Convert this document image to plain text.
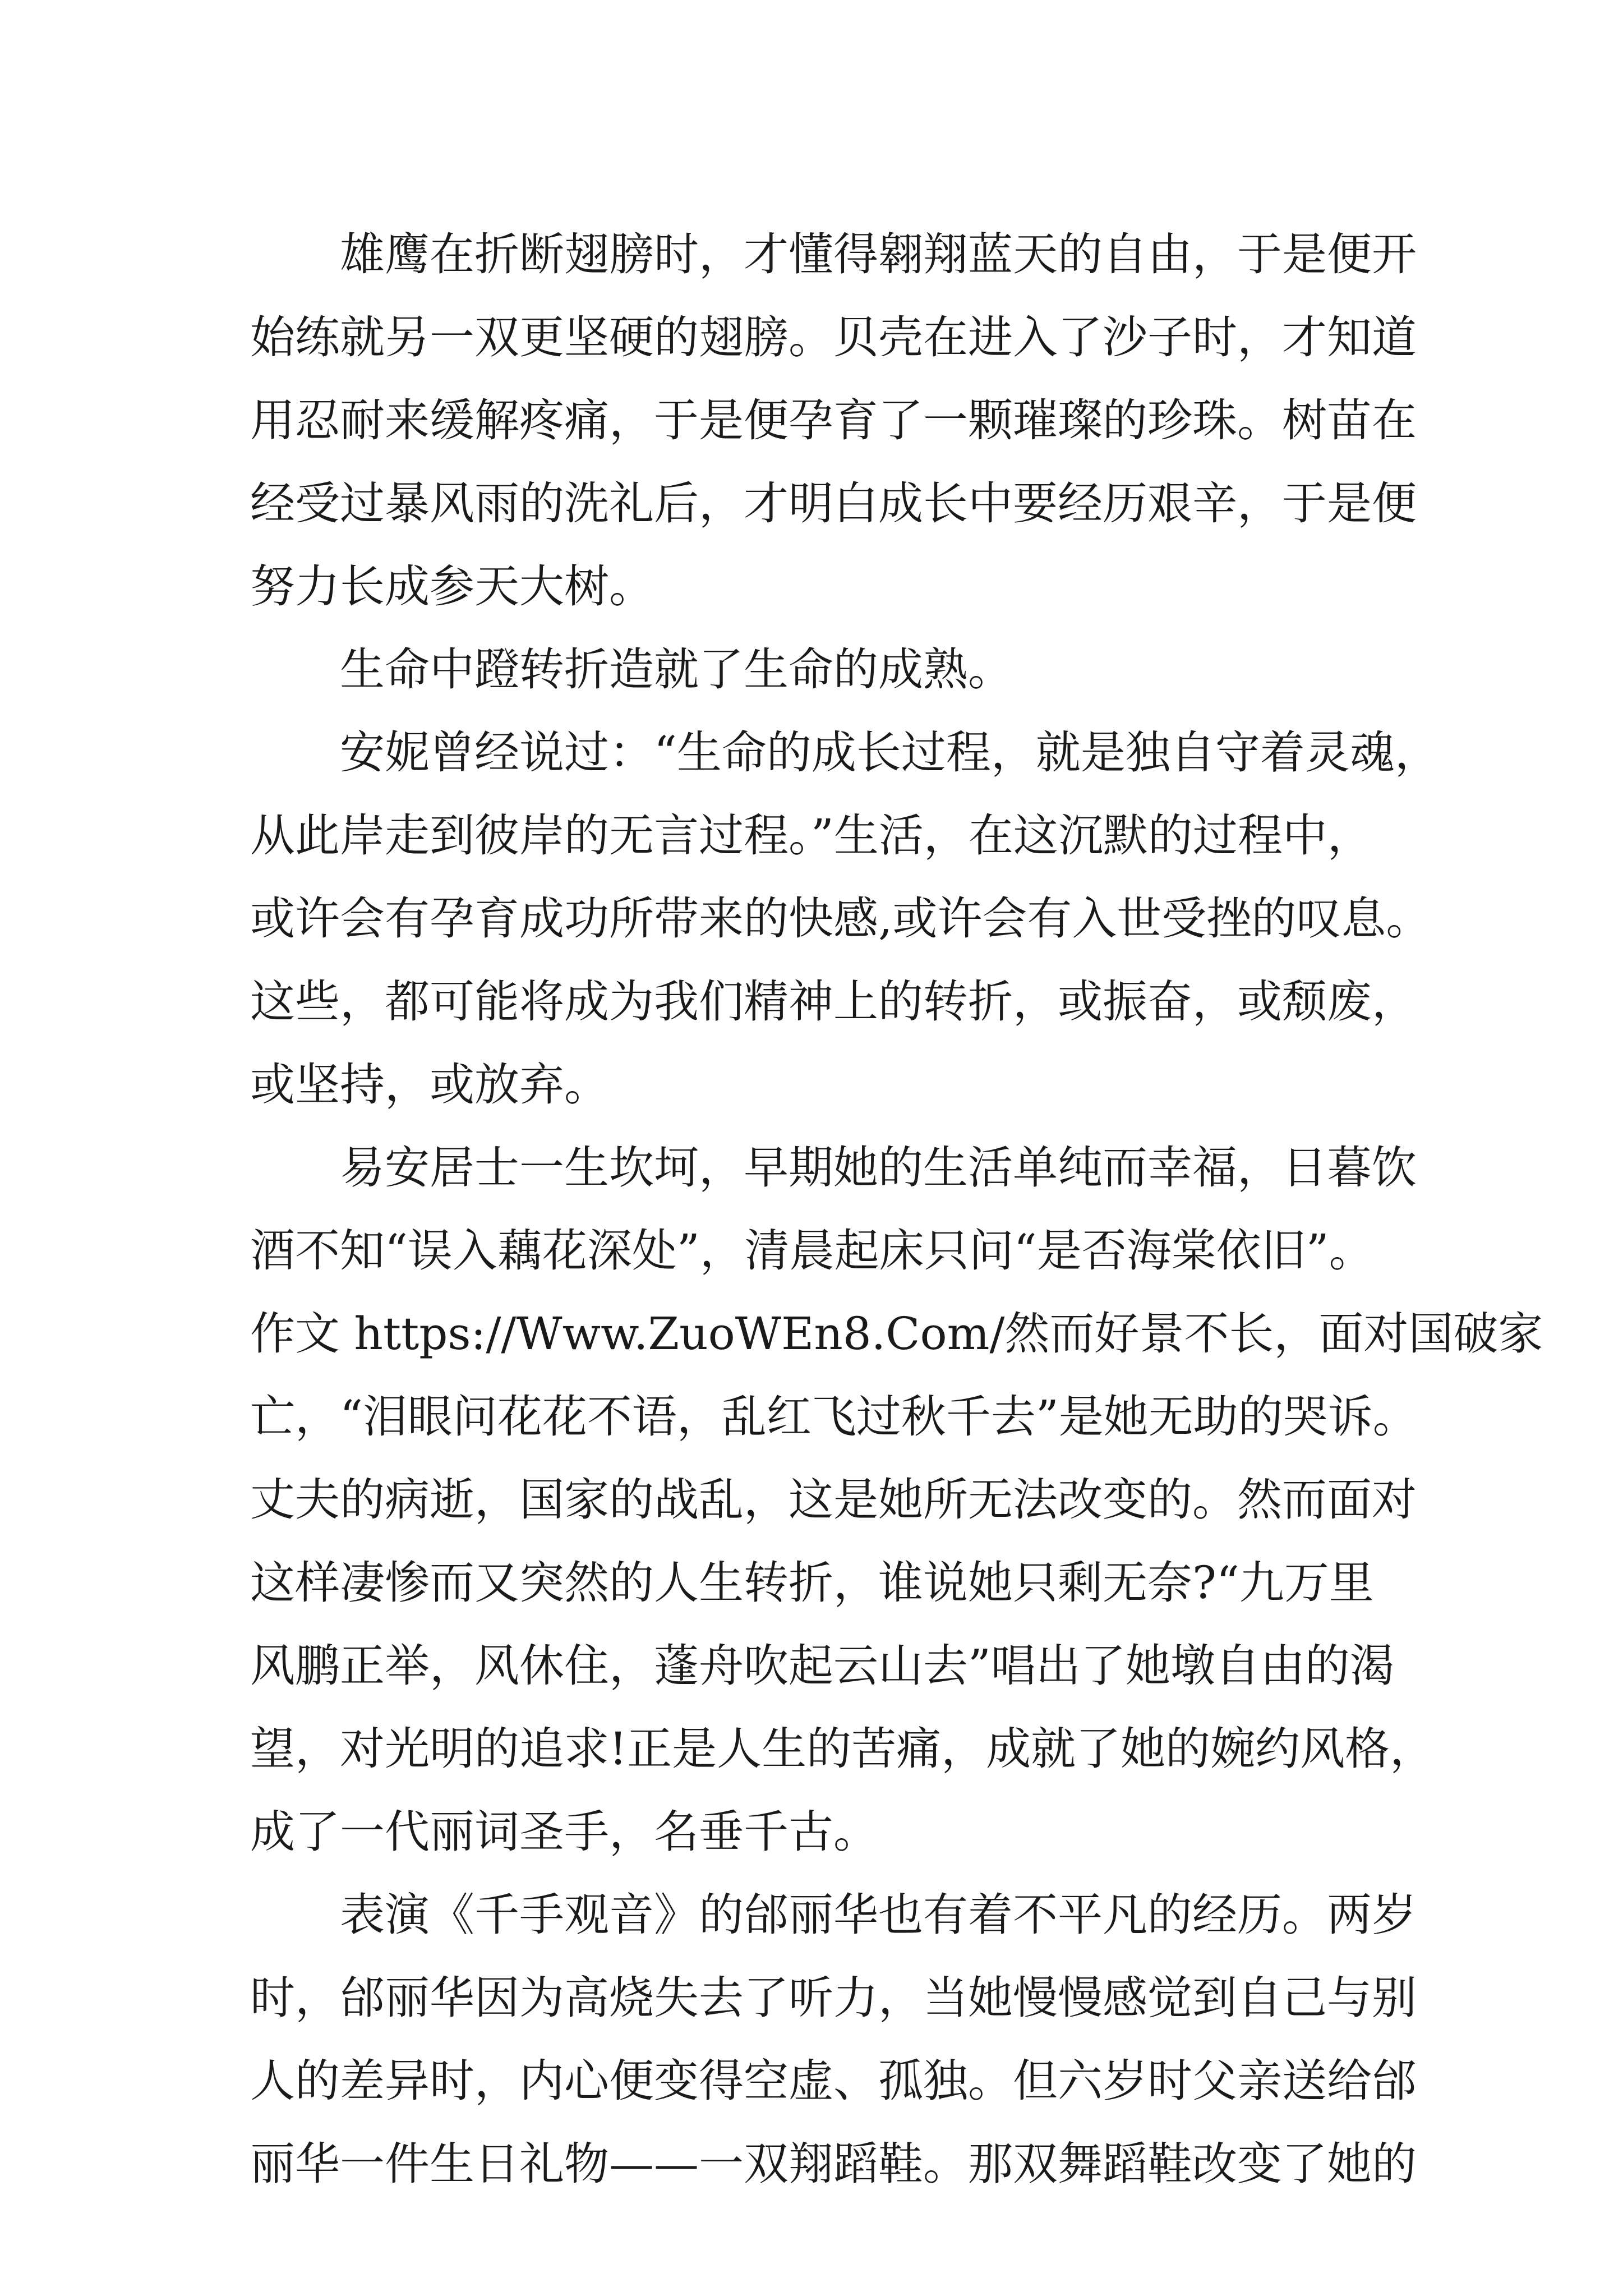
雄鹰在折断翅膀时，才懂得翱翔蓝天的自由，于是便开
始练就另一双更坚硬的翅膀。贝壳在进入了沙子时，才知道
用忍耐来缓解疼痛，于是便孕育了一颗璀璨的珍珠。树苗在
经受过暴风雨的洗礼后，才明白成长中要经历艰辛，于是便
努力长成参天大树。
生命中蹬转折造就了生命的成熟。
安妮曾经说过：“生命的成长过程，就是独自守着灵魂，
从此岸走到彼岸的无言过程。”生活，在这沉默的过程中，
或许会有孕育成功所带来的快感,或许会有入世受挫的叹息。
这些，都可能将成为我们精神上的转折，或振奋，或颓废，
或坚持，或放弃。
易安居士一生坎坷，早期她的生活单纯而幸福，日暮饮
酒不知“误入藕花深处”，清晨起床只问“是否海棠依旧”。
作文 https://Www.ZuoWEn8.Com/然而好景不长，面对国破家
亡，“泪眼问花花不语，乱红飞过秋千去”是她无助的哭诉。
丈夫的病逝，国家的战乱，这是她所无法改变的。然而面对
这样凄惨而又突然的人生转折，谁说她只剩无奈?“九万里
风鹏正举，风休住，蓬舟吹起云山去”唱出了她墩自由的渴
望，对光明的追求!正是人生的苦痛，成就了她的婉约风格，
成了一代丽词圣手，名垂千古。
表演《千手观音》的邰丽华也有着不平凡的经历。两岁
时，邰丽华因为高烧失去了听力，当她慢慢感觉到自己与别
人的差异时，内心便变得空虚、孤独。但六岁时父亲送给邰
丽华一件生日礼物——一双翔蹈鞋。那双舞蹈鞋改变了她的
